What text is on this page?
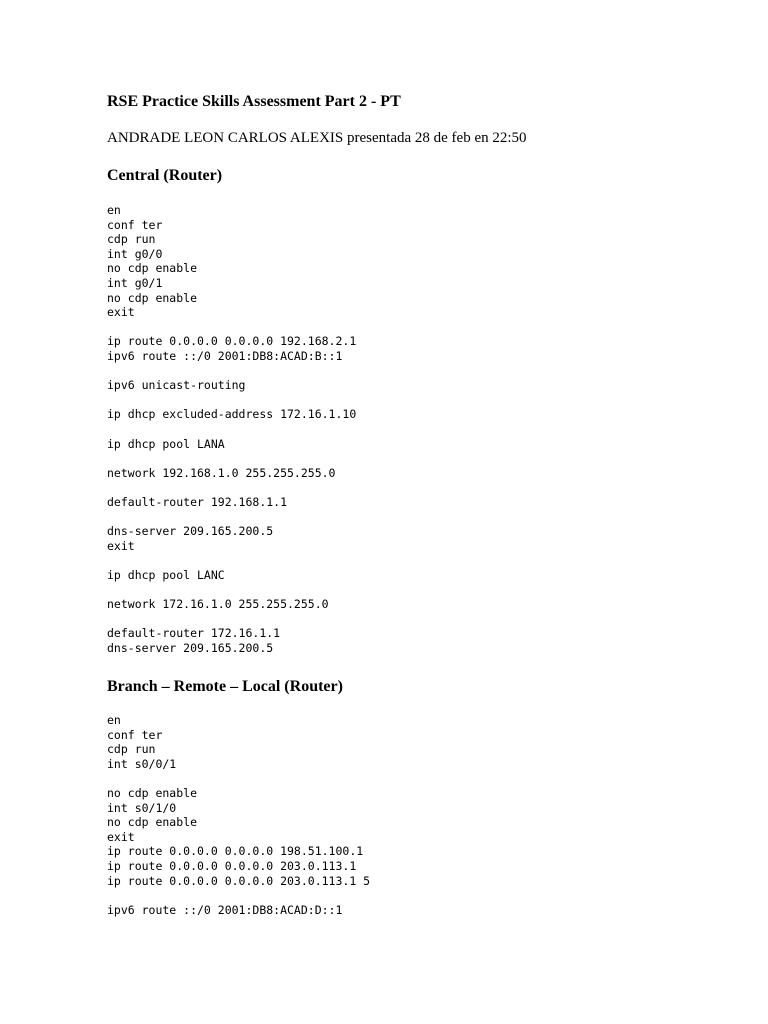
RSE Practice Skills Assessment Part 2 - PT

ANDRADE LEON CARLOS ALEXIS presentada 28 de feb en 22:50

Central (Router)
en
conf ter
cdp run
int g0/0
no cdp enable
int g0/1
no cdp enable
exit
ip route 0.0.0.0 0.0.0.0 192.168.2.1
ipv6 route ::/0 2001:DB8:ACAD:B::1
ipv6 unicast-routing
ip dhcp excluded-address 172.16.1.10
ip dhcp pool LANA
network 192.168.1.0 255.255.255.0
default-router 192.168.1.1
dns-server 209.165.200.5
exit
ip dhcp pool LANC
network 172.16.1.0 255.255.255.0
default-router 172.16.1.1
dns-server 209.165.200.5
Branch – Remote – Local (Router)
en
conf ter
cdp run
int s0/0/1
no cdp enable
int s0/1/0
no cdp enable
exit
ip route 0.0.0.0 0.0.0.0 198.51.100.1
ip route 0.0.0.0 0.0.0.0 203.0.113.1
ip route 0.0.0.0 0.0.0.0 203.0.113.1 5
ipv6 route ::/0 2001:DB8:ACAD:D::1
